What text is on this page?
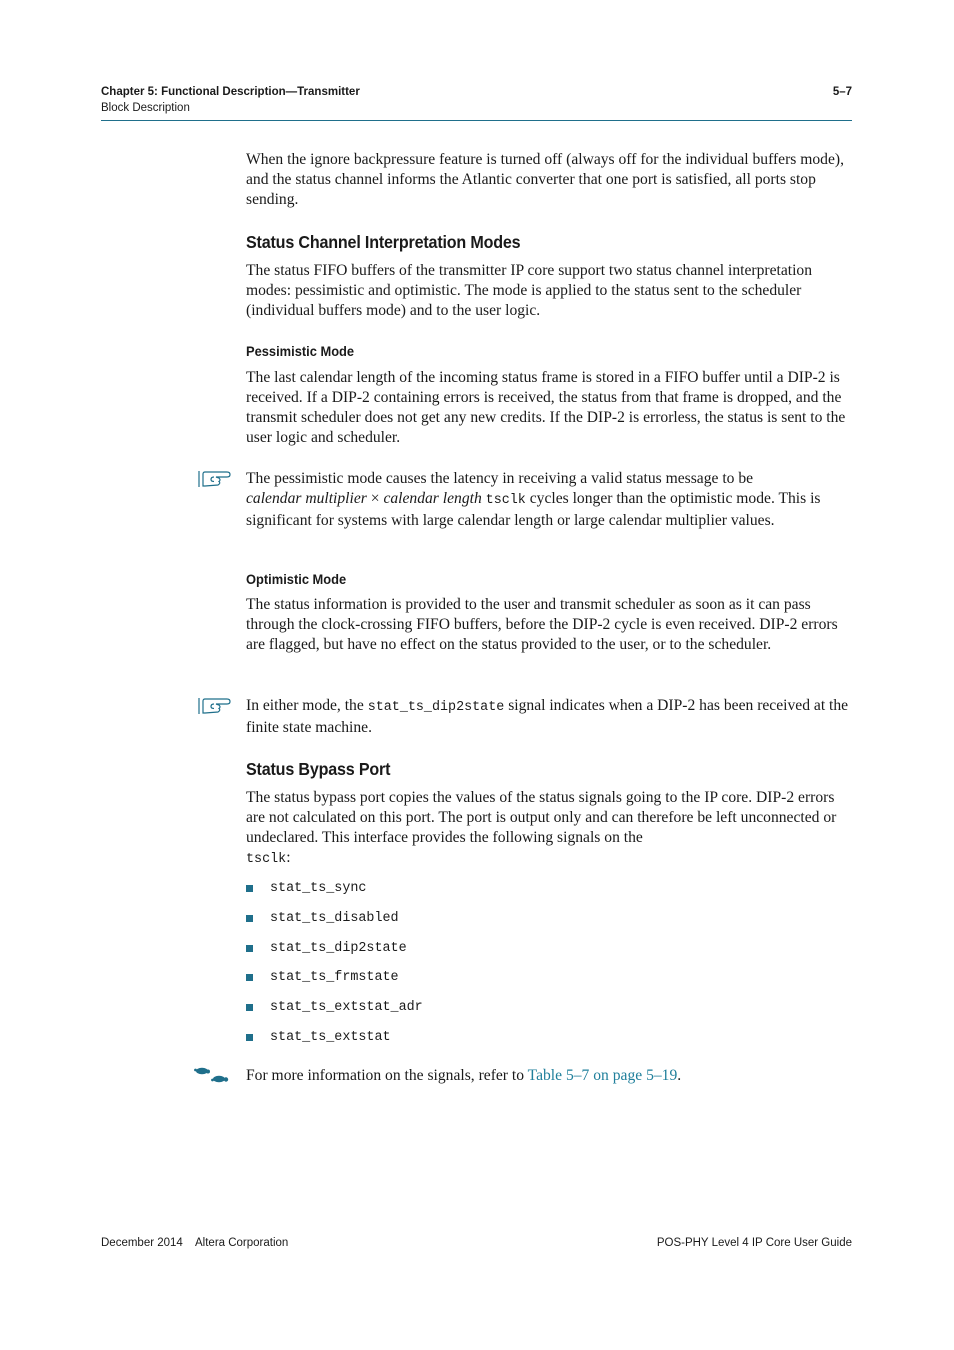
Chapter 5: Functional Description—Transmitter
Block Description
5–7

When the ignore backpressure feature is turned off (always off for the individual buffers mode), and the status channel informs the Atlantic converter that one port is satisfied, all ports stop sending.

Status Channel Interpretation Modes

The status FIFO buffers of the transmitter IP core support two status channel interpretation modes: pessimistic and optimistic. The mode is applied to the status sent to the scheduler (individual buffers mode) and to the user logic.

Pessimistic Mode

The last calendar length of the incoming status frame is stored in a FIFO buffer until a DIP-2 is received. If a DIP-2 containing errors is received, the status from that frame is dropped, and the transmit scheduler does not get any new credits. If the DIP-2 is errorless, the status is sent to the user logic and scheduler.

The pessimistic mode causes the latency in receiving a valid status message to be
calendar multiplier × calendar length tsclk cycles longer than the optimistic mode. This is significant for systems with large calendar length or large calendar multiplier values.

Optimistic Mode

The status information is provided to the user and transmit scheduler as soon as it can pass through the clock-crossing FIFO buffers, before the DIP-2 cycle is even received. DIP-2 errors are flagged, but have no effect on the status provided to the user, or to the scheduler.

In either mode, the stat_ts_dip2state signal indicates when a DIP-2 has been received at the finite state machine.

Status Bypass Port

The status bypass port copies the values of the status signals going to the IP core. DIP-2 errors are not calculated on this port. The port is output only and can therefore be left unconnected or undeclared. This interface provides the following signals on the
tsclk:

stat_ts_sync
stat_ts_disabled
stat_ts_dip2state
stat_ts_frmstate
stat_ts_extstat_adr
stat_ts_extstat

For more information on the signals, refer to Table 5–7 on page 5–19.

December 2014 Altera Corporation	POS-PHY Level 4 IP Core User Guide
